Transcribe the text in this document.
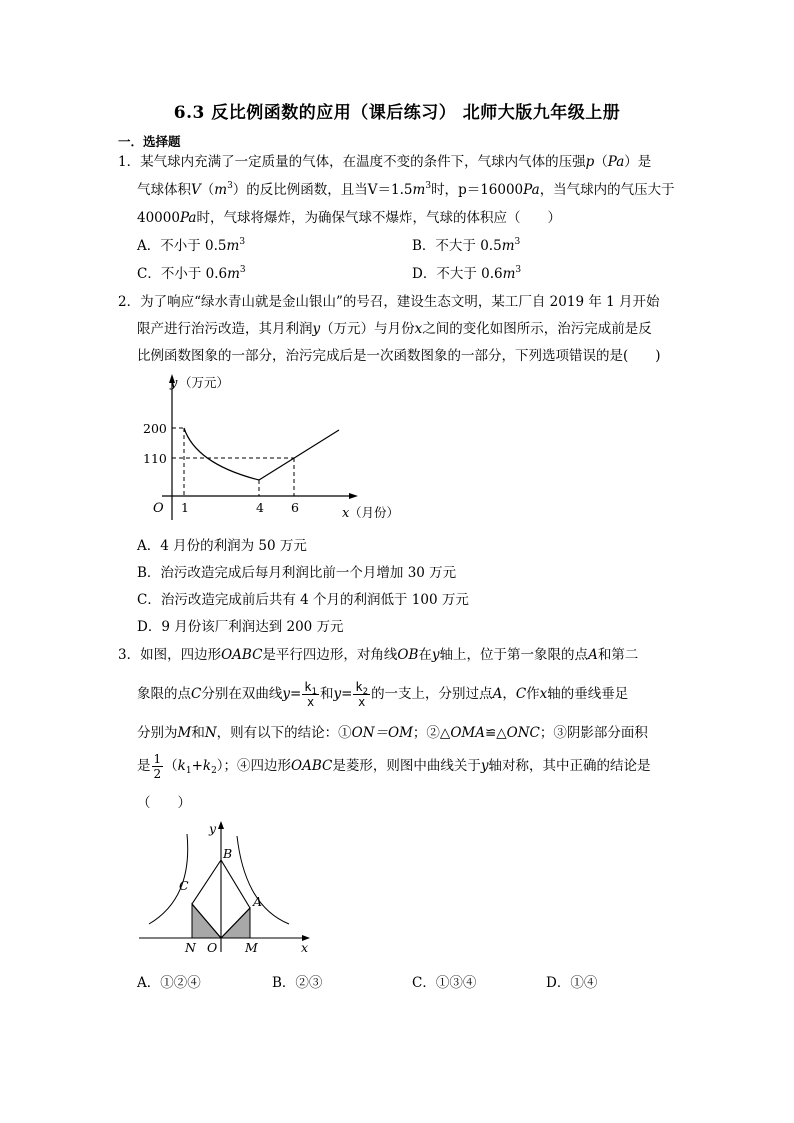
6.3 反比例函数的应用（课后练习） 北师大版九年级上册
一．选择题
1．某气球内充满了一定质量的气体，在温度不变的条件下，气球内气体的压强p（Pa）是
气球体积$V(m^3)$的反比例函数，且当$V=1.5m^3$时，p＝16000Pa，当气球内的气压大于
40000Pa时，气球将爆炸，为确保气球不爆炸，气球的体积应（　　）
A．不小于 $0.5m^3$	B．不大于 $0.5m^3$
C．不小于 $0.6m^3$	D．不大于 $0.6m^3$
2．为了响应“绿水青山就是金山银山”的号召，建设生态文明，某工厂自 2019 年 1 月开始
限产进行治污改造，其月利润y（万元）与月份x之间的变化如图所示，治污完成前是反
比例函数图象的一部分，治污完成后是一次函数图象的一部分，下列选项错误的是(　　)
y （万元）
200
110
O 1	4 6	x （月份）
A．4 月份的利润为 50 万元
B．治污改造完成后每月利润比前一个月增加 30 万元
C．治污改造完成前后共有 4 个月的利润低于 100 万元
D．9 月份该厂利润达到 200 万元
3．如图，四边形OABC是平行四边形，对角线OB在y轴上，位于第一象限的点A和第二
象限的点C分别在双曲线$y= \frac{k_1}{x}$ 和$y= \frac{k_2}{x}$ 的一支上，分别过点A，C作x轴的垂线垂足
分别为M和N，则有以下的结论：①ON＝OM；②△OMA≌△ONC；③阴影部分面积
是 $\frac{1}{2} (k_1+k_2)$；④四边形OABC是菱形，则图中曲线关于y轴对称，其中正确的结论是
（　　）
y
B
C
A
N O M	x
A．①②④	B．②③	C．①③④	D．①④
